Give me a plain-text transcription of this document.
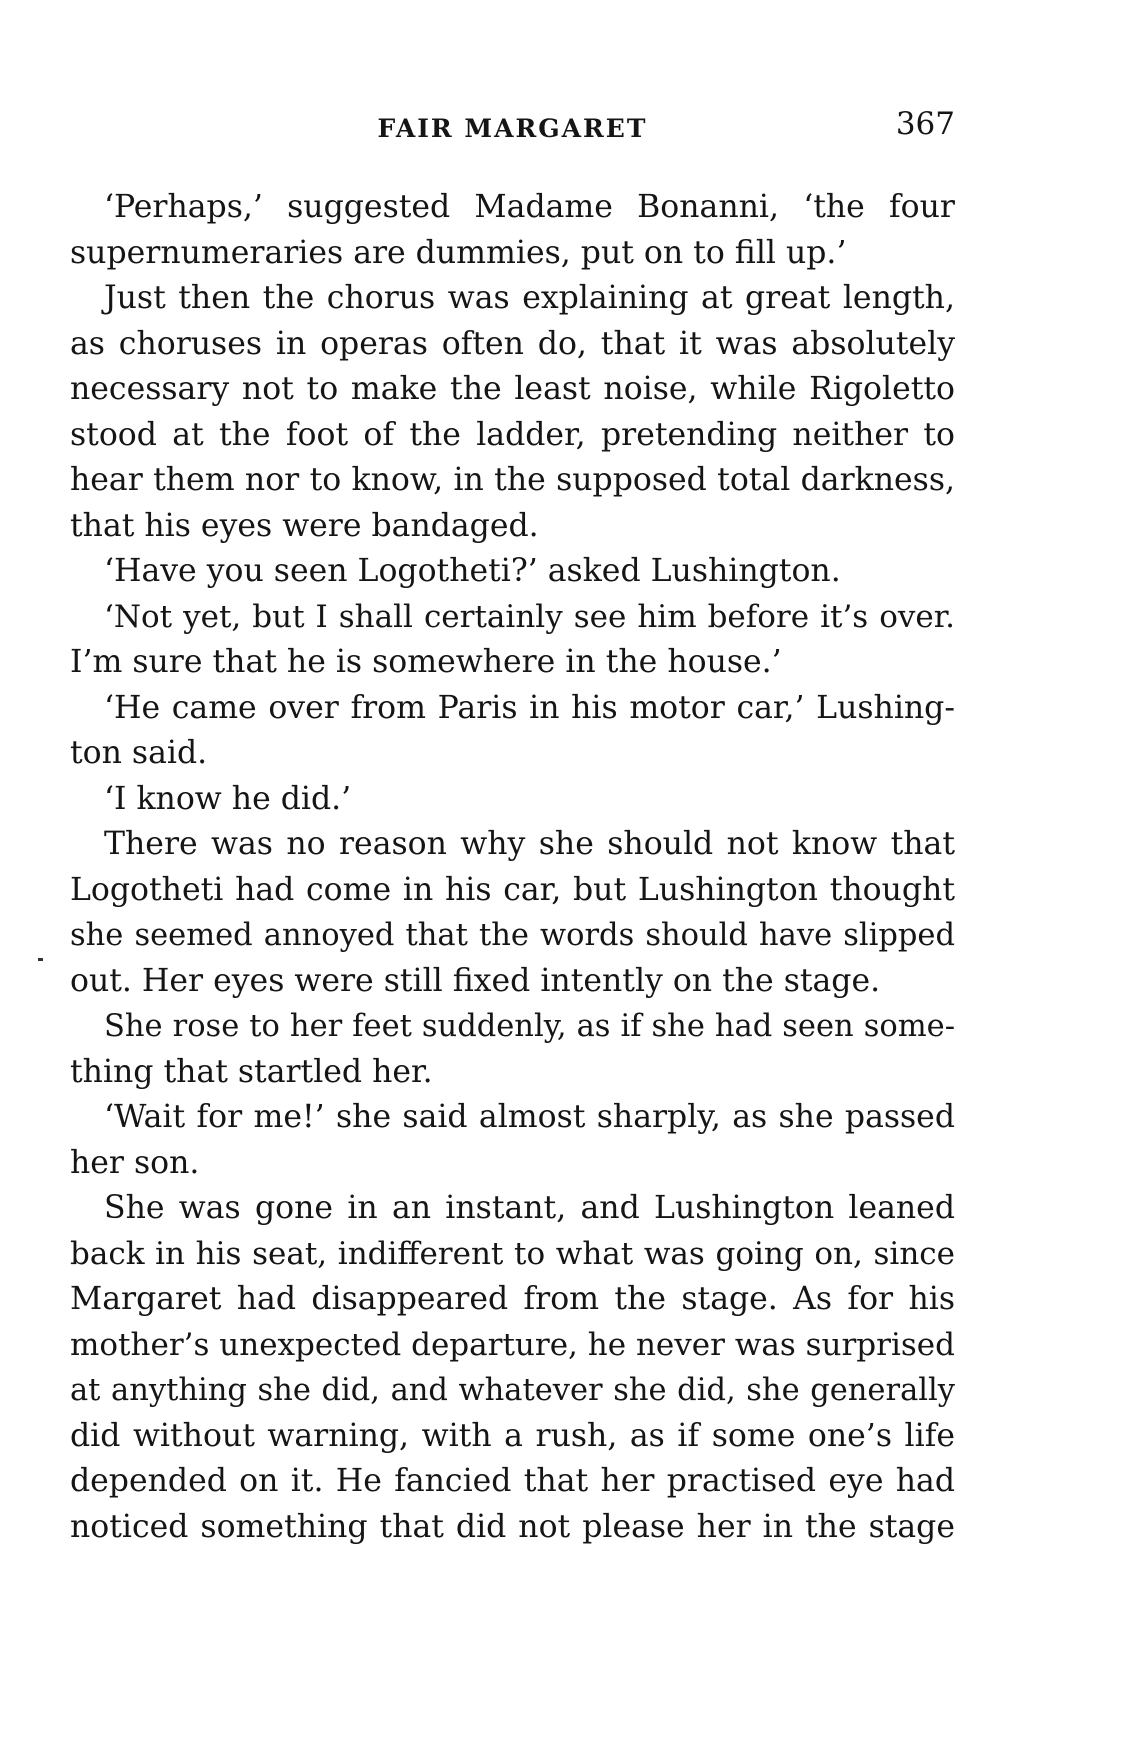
FAIR MARGARET	367
‘Perhaps,’ suggested Madame Bonanni, ‘the four
supernumeraries are dummies, put on to fill up.’
Just then the chorus was explaining at great length,
as choruses in operas often do, that it was absolutely
necessary not to make the least noise, while Rigoletto
stood at the foot of the ladder, pretending neither to
hear them nor to know, in the supposed total darkness,
that his eyes were bandaged.
‘Have you seen Logotheti?’ asked Lushington.
‘Not yet, but I shall certainly see him before it’s over.
I’m sure that he is somewhere in the house.’
‘He came over from Paris in his motor car,’ Lushing-
ton said.
‘I know he did.’
There was no reason why she should not know that
Logotheti had come in his car, but Lushington thought
she seemed annoyed that the words should have slipped
out. Her eyes were still fixed intently on the stage.
She rose to her feet suddenly, as if she had seen some-
thing that startled her.
‘Wait for me!’ she said almost sharply, as she passed
her son.
She was gone in an instant, and Lushington leaned
back in his seat, indifferent to what was going on, since
Margaret had disappeared from the stage. As for his
mother’s unexpected departure, he never was surprised
at anything she did, and whatever she did, she generally
did without warning, with a rush, as if some one’s life
depended on it. He fancied that her practised eye had
noticed something that did not please her in the stage
